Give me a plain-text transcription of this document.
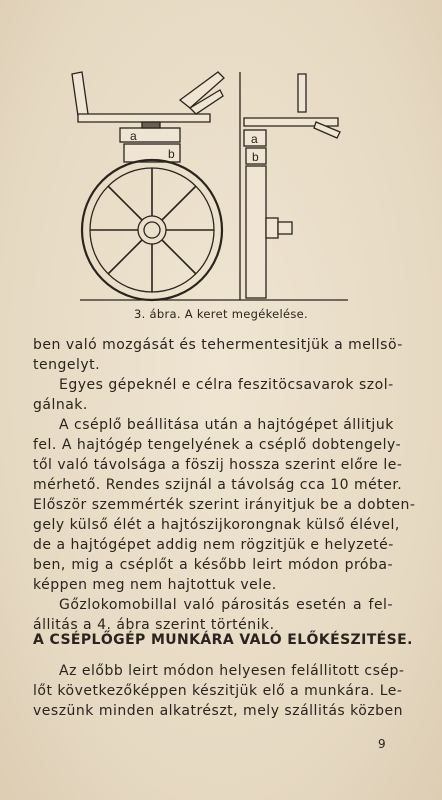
a
b
a
b
3. ábra. A keret megékelése.
ben való mozgását és tehermentesitjük a mellsö-
tengelyt.
Egyes gépeknél e célra feszitöcsavarok szol-
gálnak.
A cséplő beállitása után a hajtógépet állitjuk
fel. A hajtógép tengelyének a cséplő dobtengely-
től való távolsága a föszij hossza szerint előre le-
mérhető. Rendes szijnál a távolság cca 10 méter.
Először szemmérték szerint irányitjuk be a dobten-
gely külső élét a hajtószijkorongnak külső élével,
de a hajtógépet addig nem rögzitjük e helyzeté-
ben, mig a cséplőt a később leirt módon próba-
képpen meg nem hajtottuk vele.
Gőzlokomobillal való párositás esetén a fel-
állitás a 4. ábra szerint történik.
A CSÉPLŐGÉP MUNKÁRA VALÓ ELŐKÉSZITÉSE.
Az előbb leirt módon helyesen felállitott csép-
lőt következőképpen készitjük elő a munkára. Le-
veszünk minden alkatrészt, mely szállitás közben
9
